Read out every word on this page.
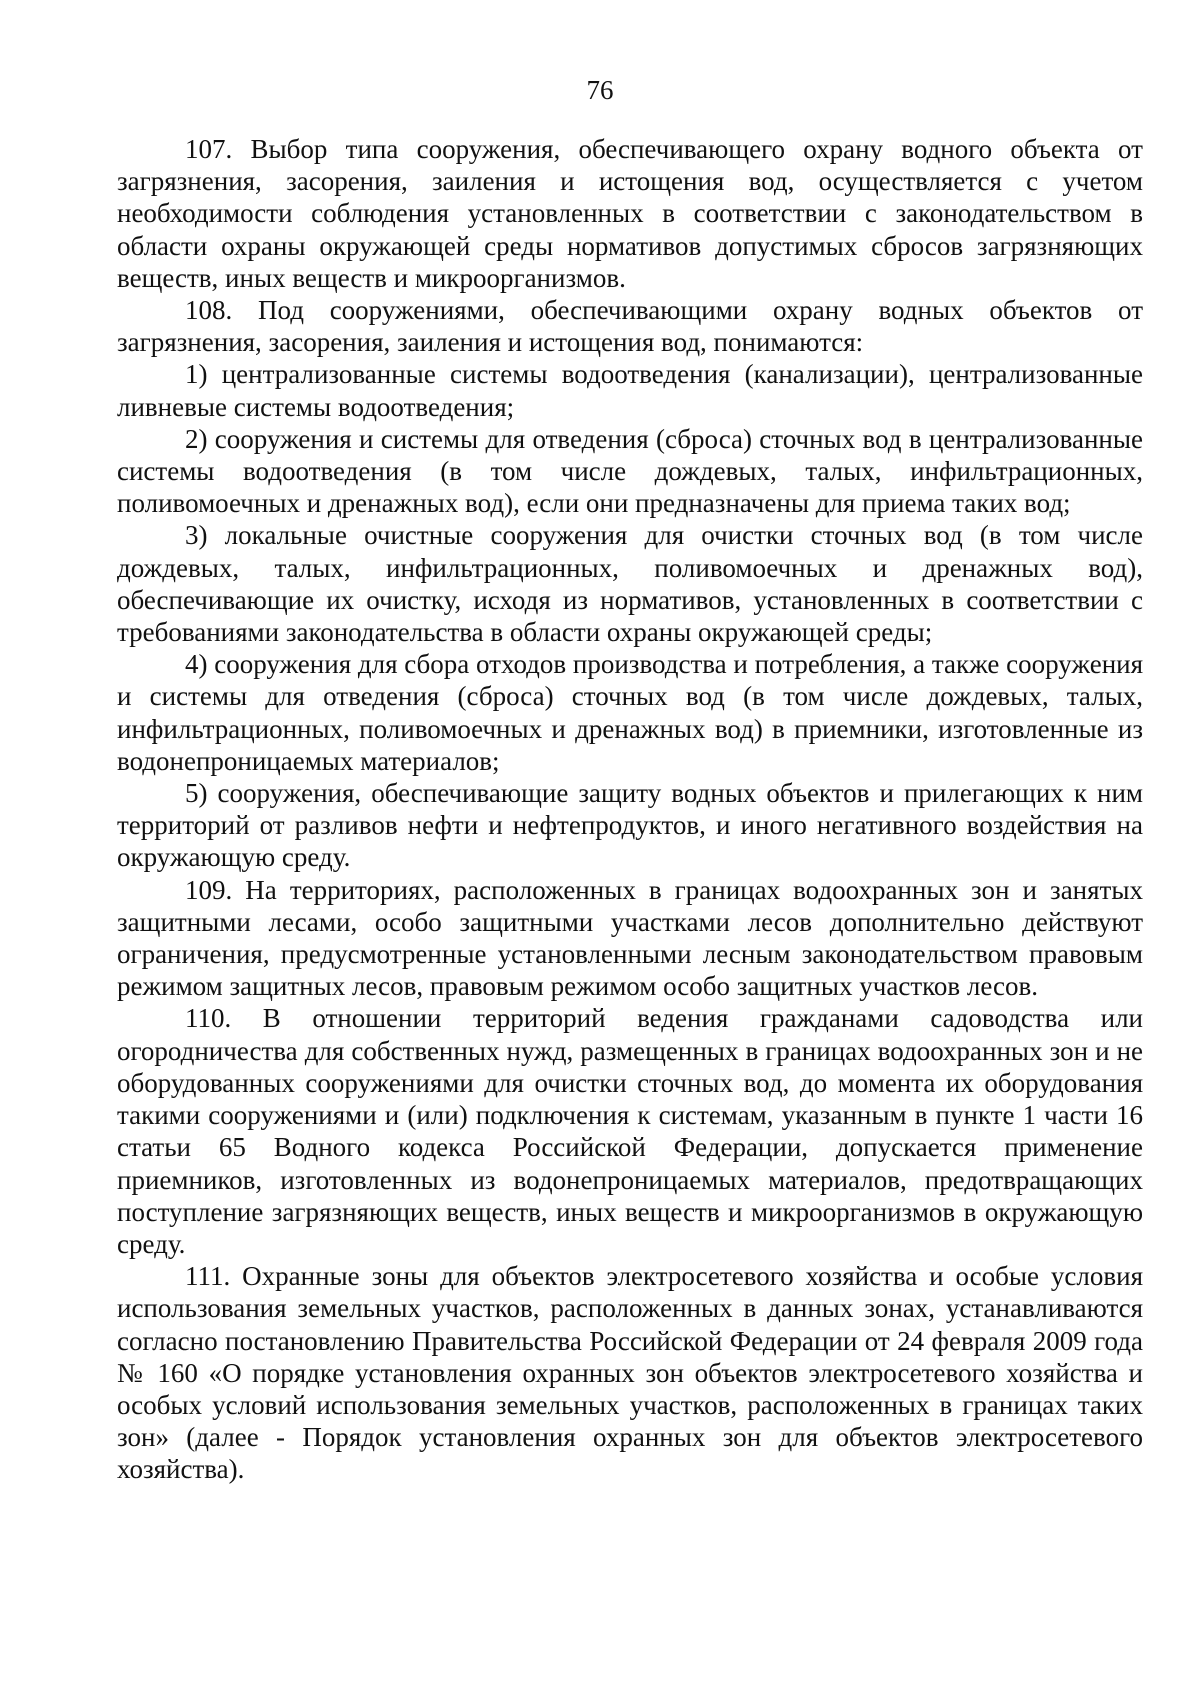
76

107. Выбор типа сооружения, обеспечивающего охрану водного объекта от загрязнения, засорения, заиления и истощения вод, осуществляется с учетом необходимости соблюдения установленных в соответствии с законодательством в области охраны окружающей среды нормативов допустимых сбросов загрязняющих веществ, иных веществ и микроорганизмов.

108. Под сооружениями, обеспечивающими охрану водных объектов от загрязнения, засорения, заиления и истощения вод, понимаются:

1) централизованные системы водоотведения (канализации), централизованные ливневые системы водоотведения;

2) сооружения и системы для отведения (сброса) сточных вод в централизованные системы водоотведения (в том числе дождевых, талых, инфильтрационных, поливомоечных и дренажных вод), если они предназначены для приема таких вод;

3) локальные очистные сооружения для очистки сточных вод (в том числе дождевых, талых, инфильтрационных, поливомоечных и дренажных вод), обеспечивающие их очистку, исходя из нормативов, установленных в соответствии с требованиями законодательства в области охраны окружающей среды;

4) сооружения для сбора отходов производства и потребления, а также сооружения и системы для отведения (сброса) сточных вод (в том числе дождевых, талых, инфильтрационных, поливомоечных и дренажных вод) в приемники, изготовленные из водонепроницаемых материалов;

5) сооружения, обеспечивающие защиту водных объектов и прилегающих к ним территорий от разливов нефти и нефтепродуктов, и иного негативного воздействия на окружающую среду.

109. На территориях, расположенных в границах водоохранных зон и занятых защитными лесами, особо защитными участками лесов дополнительно действуют ограничения, предусмотренные установленными лесным законодательством правовым режимом защитных лесов, правовым режимом особо защитных участков лесов.

110. В отношении территорий ведения гражданами садоводства или огородничества для собственных нужд, размещенных в границах водоохранных зон и не оборудованных сооружениями для очистки сточных вод, до момента их оборудования такими сооружениями и (или) подключения к системам, указанным в пункте 1 части 16 статьи 65 Водного кодекса Российской Федерации, допускается применение приемников, изготовленных из водонепроницаемых материалов, предотвращающих поступление загрязняющих веществ, иных веществ и микроорганизмов в окружающую среду.

111. Охранные зоны для объектов электросетевого хозяйства и особые условия использования земельных участков, расположенных в данных зонах, устанавливаются согласно постановлению Правительства Российской Федерации от 24 февраля 2009 года № 160 «О порядке установления охранных зон объектов электросетевого хозяйства и особых условий использования земельных участков, расположенных в границах таких зон» (далее - Порядок установления охранных зон для объектов электросетевого хозяйства).
